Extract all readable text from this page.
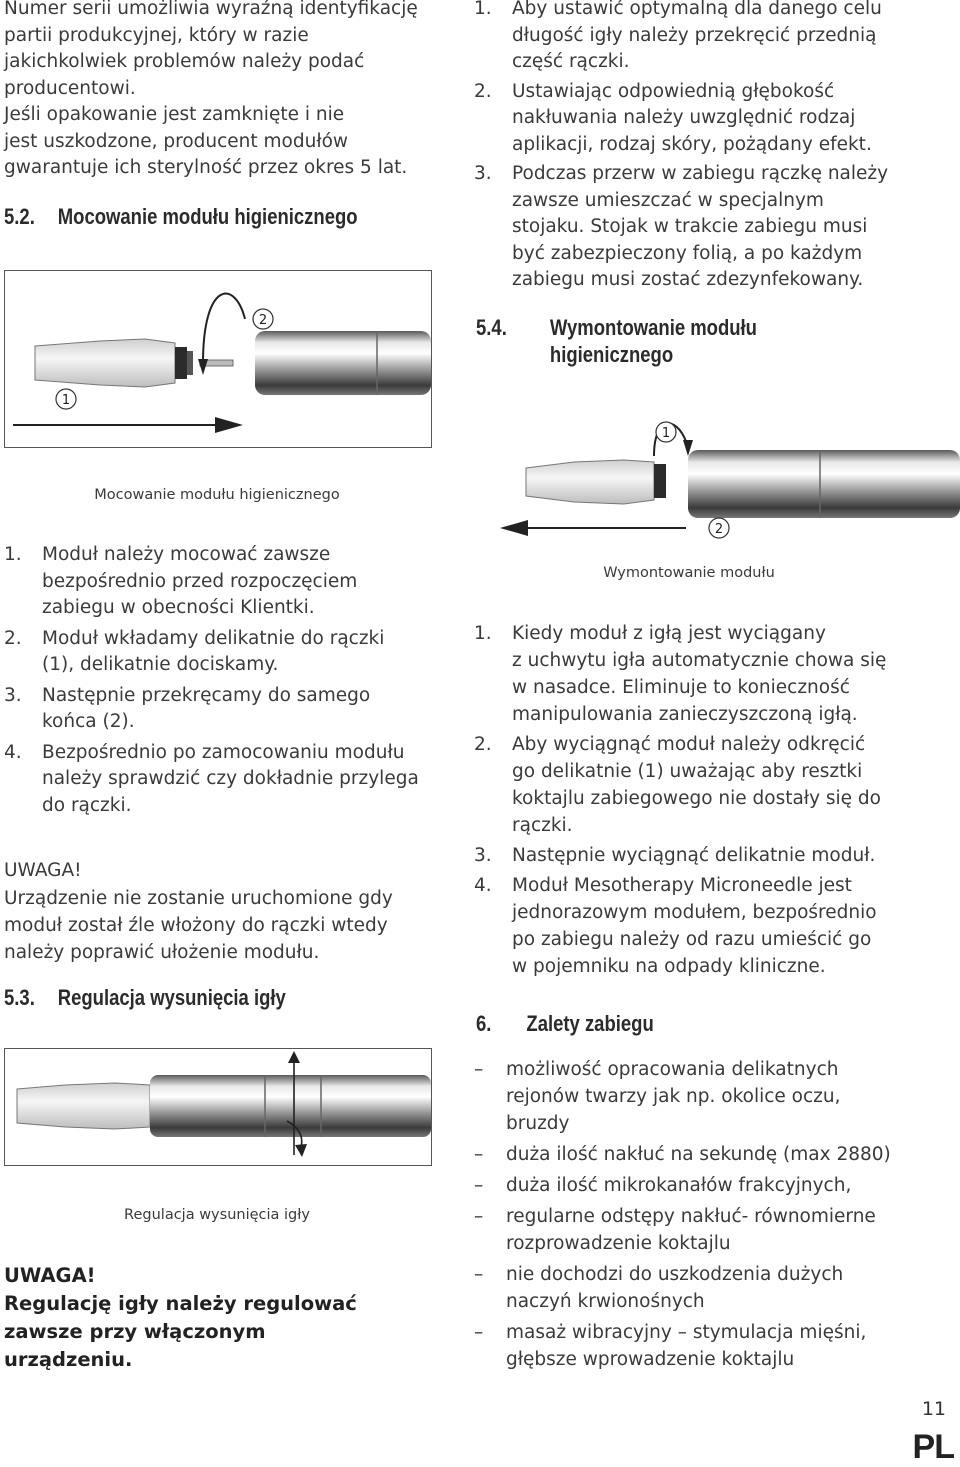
Numer serii umożliwia wyraźną identyfikację

partii produkcyjnej, który w razie

jakichkolwiek problemów należy podać

producentowi.

Jeśli opakowanie jest zamknięte i nie

jest uszkodzone, producent modułów

gwarantuje ich sterylność przez okres 5 lat.

5.2. Mocowanie modułu higienicznego
2
1
Mocowanie modułu higienicznego
1. Moduł należy mocować zawsze
bezpośrednio przed rozpoczęciem
zabiegu w obecności Klientki.
2. Moduł wkładamy delikatnie do rączki
(1), delikatnie dociskamy.
3. Następnie przekręcamy do samego
końca (2).
4. Bezpośrednio po zamocowaniu modułu
należy sprawdzić czy dokładnie przylega
do rączki.

UWAGA!

Urządzenie nie zostanie uruchomione gdy

moduł został źle włożony do rączki wtedy

należy poprawić ułożenie modułu.

5.3. Regulacja wysunięcia igły
Regulacja wysunięcia igły

UWAGA!

Regulację igły należy regulować

zawsze przy włączonym

urządzeniu.

1. Aby ustawić optymalną dla danego celu
długość igły należy przekręcić przednią
część rączki.
2. Ustawiając odpowiednią głębokość
nakłuwania należy uwzględnić rodzaj
aplikacji, rodzaj skóry, pożądany efekt.
3. Podczas przerw w zabiegu rączkę należy
zawsze umieszczać w specjalnym
stojaku. Stojak w trakcie zabiegu musi
być zabezpieczony folią, a po każdym
zabiegu musi zostać zdezynfekowany.
5.4. Wymontowanie modułu
higienicznego
1
2
Wymontowanie modułu
1. Kiedy moduł z igłą jest wyciągany
z uchwytu igła automatycznie chowa się
w nasadce. Eliminuje to konieczność
manipulowania zanieczyszczoną igłą.
2. Aby wyciągnąć moduł należy odkręcić
go delikatnie (1) uważając aby resztki
koktajlu zabiegowego nie dostały się do
rączki.
3. Następnie wyciągnąć delikatnie moduł.
4. Moduł Mesotherapy Microneedle jest
jednorazowym modułem, bezpośrednio
po zabiegu należy od razu umieścić go
w pojemniku na odpady kliniczne.
6. Zalety zabiegu
– możliwość opracowania delikatnych
rejonów twarzy jak np. okolice oczu,
bruzdy
– duża ilość nakłuć na sekundę (max 2880)
– duża ilość mikrokanałów frakcyjnych,
– regularne odstępy nakłuć- równomierne
rozprowadzenie koktajlu
– nie dochodzi do uszkodzenia dużych
naczyń krwionośnych
– masaż wibracyjny – stymulacja mięśni,
głębsze wprowadzenie koktajlu
11
PL
